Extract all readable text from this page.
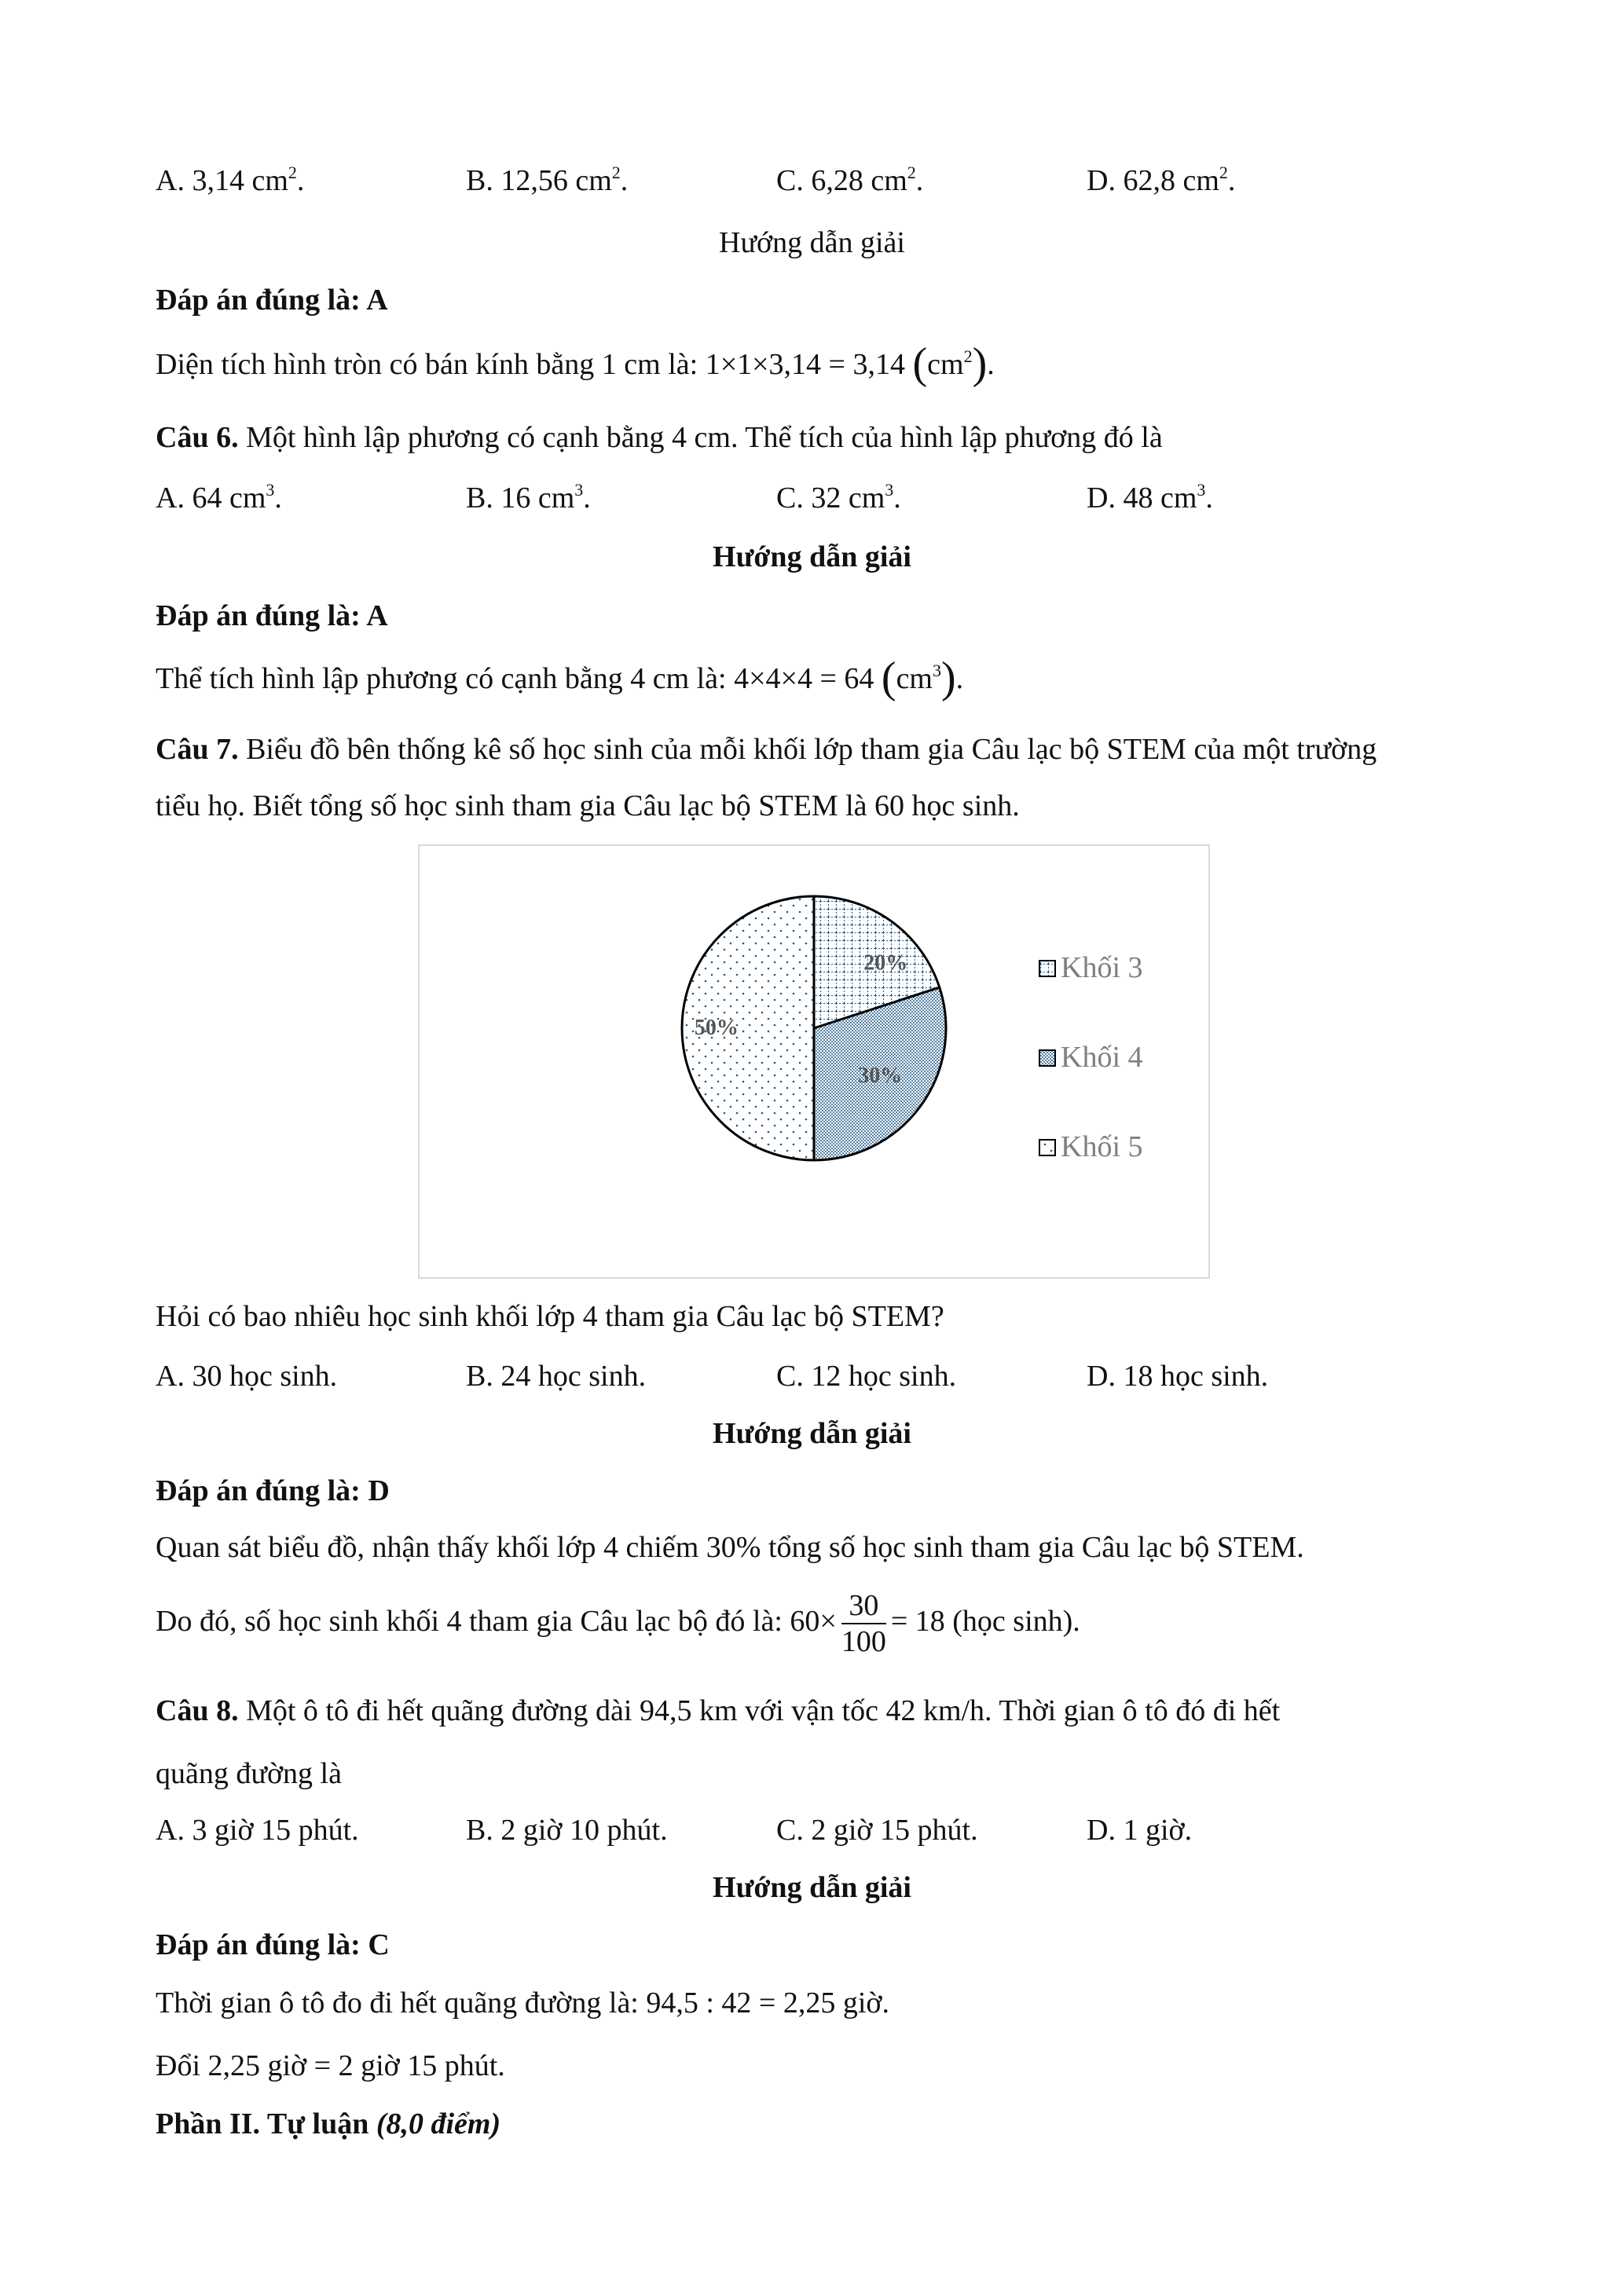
A. 3,14 $cm^2$.	B. 12,56 $cm^2$.	C. 6,28 $cm^2$.	D. 62,8 $cm^2$.
Hướng dẫn giải
Đáp án đúng là: A
Diện tích hình tròn có bán kính bằng 1 cm là: 1×1×3,14 = 3,14 $(cm^2)$.
Câu 6. Một hình lập phương có cạnh bằng 4 cm. Thể tích của hình lập phương đó là
A. 64 $cm^3$.	B. 16 $cm^3$.	C. 32 $cm^3$.	D. 48 $cm^3$.
Hướng dẫn giải
Đáp án đúng là: A
Thể tích hình lập phương có cạnh bằng 4 cm là: 4×4×4 = 64 $(cm^3)$.
Câu 7. Biểu đồ bên thống kê số học sinh của mỗi khối lớp tham gia Câu lạc bộ STEM của một trường
tiểu họ. Biết tổng số học sinh tham gia Câu lạc bộ STEM là 60 học sinh.
20%
30%
50%
Khối 3
Khối 4
Khối 5
Hỏi có bao nhiêu học sinh khối lớp 4 tham gia Câu lạc bộ STEM?
A. 30 học sinh.	B. 24 học sinh.	C. 12 học sinh.	D. 18 học sinh.
Hướng dẫn giải
Đáp án đúng là: D
Quan sát biểu đồ, nhận thấy khối lớp 4 chiếm 30% tổng số học sinh tham gia Câu lạc bộ STEM.
Do đó, số học sinh khối 4 tham gia Câu lạc bộ đó là: $60\times \frac{30}{100} = 18$ (học sinh).
Câu 8. Một ô tô đi hết quãng đường dài 94,5 km với vận tốc 42 km/h. Thời gian ô tô đó đi hết
quãng đường là
A. 3 giờ 15 phút.	B. 2 giờ 10 phút.	C. 2 giờ 15 phút.	D. 1 giờ.
Hướng dẫn giải
Đáp án đúng là: C
Thời gian ô tô đo đi hết quãng đường là: 94,5 : 42 = 2,25 giờ.
Đổi 2,25 giờ = 2 giờ 15 phút.
Phần II. Tự luận (8,0 điểm)
